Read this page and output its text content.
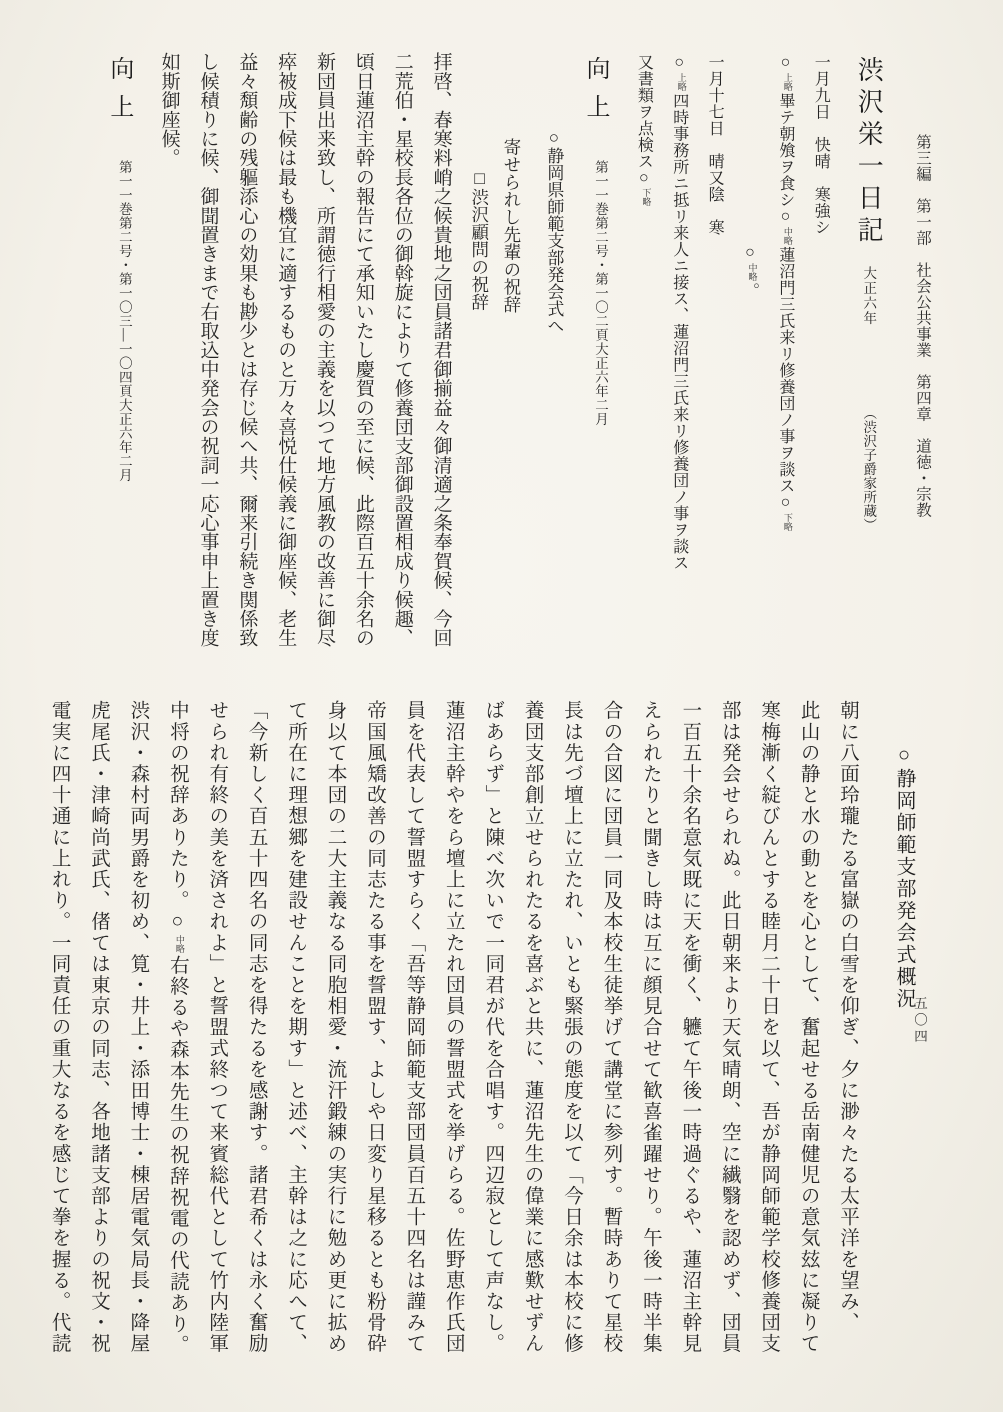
第三編　第一部　社会公共事業　第四章　道徳・宗教
渋沢栄一日記大正六年（渋沢子爵家所蔵）
一月九日　快晴　寒強シ
○上略畢テ朝飧ヲ食シ○中略蓮沼門三氏来リ修養団ノ事ヲ談ス○下略
○中略。
一月十七日　晴又陰　寒
○上略四時事務所ニ抵リ来人ニ接ス、蓮沼門三氏来リ修養団ノ事ヲ談ス
又書類ヲ点検ス○下略
向上第一一巻第二号・第一〇二頁大正六年二月
○静岡県師範支部発会式へ
寄せられし先輩の祝辞
□渋沢顧問の祝辞
拝啓、春寒料峭之候貴地之団員諸君御揃益々御清適之条奉賀候、今回
二荒伯・星校長各位の御斡旋によりて修養団支部御設置相成り候趣、
頃日蓮沼主幹の報告にて承知いたし慶賀の至に候、此際百五十余名の
新団員出来致し、所謂徳行相愛の主義を以つて地方風教の改善に御尽
瘁被成下候は最も機宜に適するものと万々喜悦仕候義に御座候、老生
益々頽齢の残軀添心の効果も尠少とは存じ候へ共、爾来引続き関係致
し候積りに候、御聞置きまで右取込中発会の祝詞一応心事申上置き度
如斯御座候。
向上第一一巻第二号・第一〇三―一〇四頁大正六年二月
○静岡師範支部発会式概況
朝に八面玲瓏たる富嶽の白雪を仰ぎ、夕に渺々たる太平洋を望み、
此山の静と水の動とを心として、奮起せる岳南健児の意気玆に凝りて
寒梅漸く綻びんとする睦月二十日を以て、吾が静岡師範学校修養団支
部は発会せられぬ。此日朝来より天気晴朗、空に繊翳を認めず、団員
一百五十余名意気既に天を衝く、軈て午後一時過ぐるや、蓮沼主幹見
えられたりと聞きし時は互に顔見合せて歓喜雀躍せり。午後一時半集
合の合図に団員一同及本校生徒挙げて講堂に参列す。暫時ありて星校
長は先づ壇上に立たれ、いとも緊張の態度を以て「今日余は本校に修
養団支部創立せられたるを喜ぶと共に、蓮沼先生の偉業に感歎せずん
ばあらず」と陳べ次いで一同君が代を合唱す。四辺寂として声なし。
蓮沼主幹やをら壇上に立たれ団員の誓盟式を挙げらる。佐野恵作氏団
員を代表して誓盟すらく「吾等静岡師範支部団員百五十四名は謹みて
帝国風矯改善の同志たる事を誓盟す、よしや日変り星移るとも粉骨砕
身以て本団の二大主義なる同胞相愛・流汗鍛練の実行に勉め更に拡め
て所在に理想郷を建設せんことを期す」と述べ、主幹は之に応へて、
「今新しく百五十四名の同志を得たるを感謝す。諸君希くは永く奮励
せられ有終の美を済されよ」と誓盟式終つて来賓総代として竹内陸軍
中将の祝辞ありたり。○中略右終るや森本先生の祝辞祝電の代読あり。
渋沢・森村両男爵を初め、筧・井上・添田博士・棟居電気局長・降屋
虎尾氏・津崎尚武氏、偖ては東京の同志、各地諸支部よりの祝文・祝
電実に四十通に上れり。一同責任の重大なるを感じて拳を握る。代読	五〇四
